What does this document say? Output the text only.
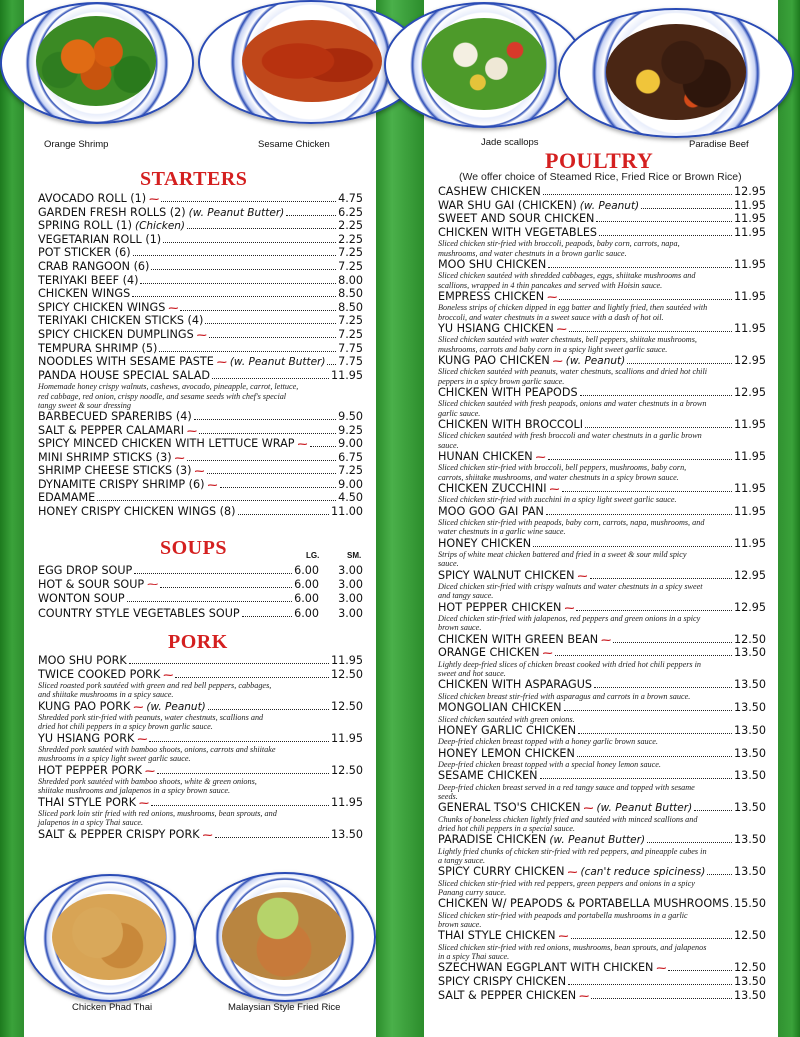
Orange Shrimp	Sesame Chicken	Jade scallops	Paradise Beef
STARTERS
AVOCADO ROLL (1) ⁓	4.75
GARDEN FRESH ROLLS (2) (w. Peanut Butter)	6.25
SPRING ROLL (1) (Chicken)	2.25
VEGETARIAN ROLL (1)	2.25
POT STICKER (6)	7.25
CRAB RANGOON (6)	7.25
TERIYAKI BEEF (4)	8.00
CHICKEN WINGS	8.50
SPICY CHICKEN WINGS ⁓	8.50
TERIYAKI CHICKEN STICKS (4)	7.25
SPICY CHICKEN DUMPLINGS ⁓	7.25
TEMPURA SHRIMP (5)	7.75
NOODLES WITH SESAME PASTE ⁓ (w. Peanut Butter) 7.75
PANDA HOUSE SPECIAL SALAD	11.95
Homemade honey crispy walnuts, cashews, avocado, pineapple, carrot, lettuce, red cabbage, red onion, crispy noodle, and sesame seeds with chef's special tangy sweet & sour dressing
BARBECUED SPARERIBS (4)	9.50
SALT & PEPPER CALAMARI ⁓	9.25
SPICY MINCED CHICKEN WITH LETTUCE WRAP ⁓	9.00
MINI SHRIMP STICKS (3) ⁓	6.75
SHRIMP CHEESE STICKS (3) ⁓	7.25
DYNAMITE CRISPY SHRIMP (6) ⁓	9.00
EDAMAME	4.50
HONEY CRISPY CHICKEN WINGS (8)	11.00
SOUPS	LG.	SM.
EGG DROP SOUP	6.00	3.00
HOT & SOUR SOUP ⁓	6.00	3.00
WONTON SOUP	6.00	3.00
COUNTRY STYLE VEGETABLES SOUP	6.00	3.00
PORK
MOO SHU PORK	11.95
TWICE COOKED PORK ⁓	12.50
Sliced roasted pork sautéed with green and red bell peppers, cabbages, and shiitake mushrooms in a spicy sauce.
KUNG PAO PORK ⁓ (w. Peanut)	12.50
Shredded pork stir-fried with peanuts, water chestnuts, scallions and dried hot chili peppers in a spicy brown garlic sauce.
YU HSIANG PORK ⁓	11.95
Shredded pork sautéed with bamboo shoots, onions, carrots and shiitake mushrooms in a spicy light sweet garlic sauce.
HOT PEPPER PORK ⁓	12.50
Shredded pork sautéed with bamboo shoots, white & green onions, shiitake mushrooms and jalapenos in a spicy brown sauce.
THAI STYLE PORK ⁓	11.95
Sliced pork loin stir fried with red onions, mushrooms, bean sprouts, and jalapenos in a spicy Thai sauce.
SALT & PEPPER CRISPY PORK ⁓	13.50
Chicken Phad Thai	Malaysian Style Fried Rice
POULTRY
(We offer choice of Steamed Rice, Fried Rice or Brown Rice)
CASHEW CHICKEN	12.95
WAR SHU GAI (CHICKEN) (w. Peanut)	11.95
SWEET AND SOUR CHICKEN	11.95
CHICKEN WITH VEGETABLES	11.95
Sliced chicken stir-fried with broccoli, peapods, baby corn, carrots, napa, mushrooms, and water chestnuts in a brown garlic sauce.
MOO SHU CHICKEN	11.95
Sliced chicken sautéed with shredded cabbages, eggs, shiitake mushrooms and scallions, wrapped in 4 thin pancakes and served with Hoisin sauce.
EMPRESS CHICKEN ⁓	11.95
Boneless strips of chicken dipped in egg batter and lightly fried, then sautéed with broccoli, and water chestnuts in a sweet sauce with a dash of hot oil.
YU HSIANG CHICKEN ⁓	11.95
Sliced chicken sautéed with water chestnuts, bell peppers, shiitake mushrooms, mushrooms, carrots and baby corn in a spicy light sweet garlic sauce.
KUNG PAO CHICKEN ⁓ (w. Peanut)	12.95
Sliced chicken sautéed with peanuts, water chestnuts, scallions and dried hot chili peppers in a spicy brown garlic sauce.
CHICKEN WITH PEAPODS	12.95
Sliced chicken sautéed with fresh peapods, onions and water chestnuts in a brown garlic sauce.
CHICKEN WITH BROCCOLI	11.95
Sliced chicken sautéed with fresh broccoli and water chestnuts in a garlic brown sauce.
HUNAN CHICKEN ⁓	11.95
Sliced chicken stir-fried with broccoli, bell peppers, mushrooms, baby corn, carrots, shiitake mushrooms, and water chestnuts in a spicy brown sauce.
CHICKEN ZUCCHINI ⁓	11.95
Sliced chicken stir-fried with zucchini in a spicy light sweet garlic sauce.
MOO GOO GAI PAN	11.95
Sliced chicken stir-fried with peapods, baby corn, carrots, napa, mushrooms, and water chestnuts in a garlic wine sauce.
HONEY CHICKEN	11.95
Strips of white meat chicken battered and fried in a sweet & sour mild spicy sauce.
SPICY WALNUT CHICKEN ⁓	12.95
Diced chicken stir-fried with crispy walnuts and water chestnuts in a spicy sweet and tangy sauce.
HOT PEPPER CHICKEN ⁓	12.95
Diced chicken stir-fried with jalapenos, red peppers and green onions in a spicy brown sauce.
CHICKEN WITH GREEN BEAN ⁓	12.50
ORANGE CHICKEN ⁓	13.50
Lightly deep-fried slices of chicken breast cooked with dried hot chili peppers in sweet and hot sauce.
CHICKEN WITH ASPARAGUS	13.50
Sliced chicken breast stir-fried with asparagus and carrots in a brown sauce.
MONGOLIAN CHICKEN	13.50
Sliced chicken sautéed with green onions.
HONEY GARLIC CHICKEN	13.50
Deep-fried chicken breast topped with a honey garlic brown sauce.
HONEY LEMON CHICKEN	13.50
Deep-fried chicken breast topped with a special honey lemon sauce.
SESAME CHICKEN	13.50
Deep-fried chicken breast served in a red tangy sauce and topped with sesame seeds.
GENERAL TSO'S CHICKEN ⁓ (w. Peanut Butter)	13.50
Chunks of boneless chicken lightly fried and sautéed with minced scallions and dried hot chili peppers in a special sauce.
PARADISE CHICKEN (w. Peanut Butter)	13.50
Lightly fried chunks of chicken stir-fried with red peppers, and pineapple cubes in a tangy sauce.
SPICY CURRY CHICKEN ⁓ (can't reduce spiciness)	13.50
Sliced chicken stir-fried with red peppers, green peppers and onions in a spicy Panang curry sauce.
CHICKEN W/ PEAPODS & PORTABELLA MUSHROOMS 15.50
Sliced chicken stir-fried with peapods and portabella mushrooms in a garlic brown sauce.
THAI STYLE CHICKEN ⁓	12.50
Sliced chicken stir-fried with red onions, mushrooms, bean sprouts, and jalapenos in a spicy Thai sauce.
SZECHWAN EGGPLANT WITH CHICKEN ⁓	12.50
SPICY CRISPY CHICKEN	13.50
SALT & PEPPER CHICKEN ⁓	13.50
